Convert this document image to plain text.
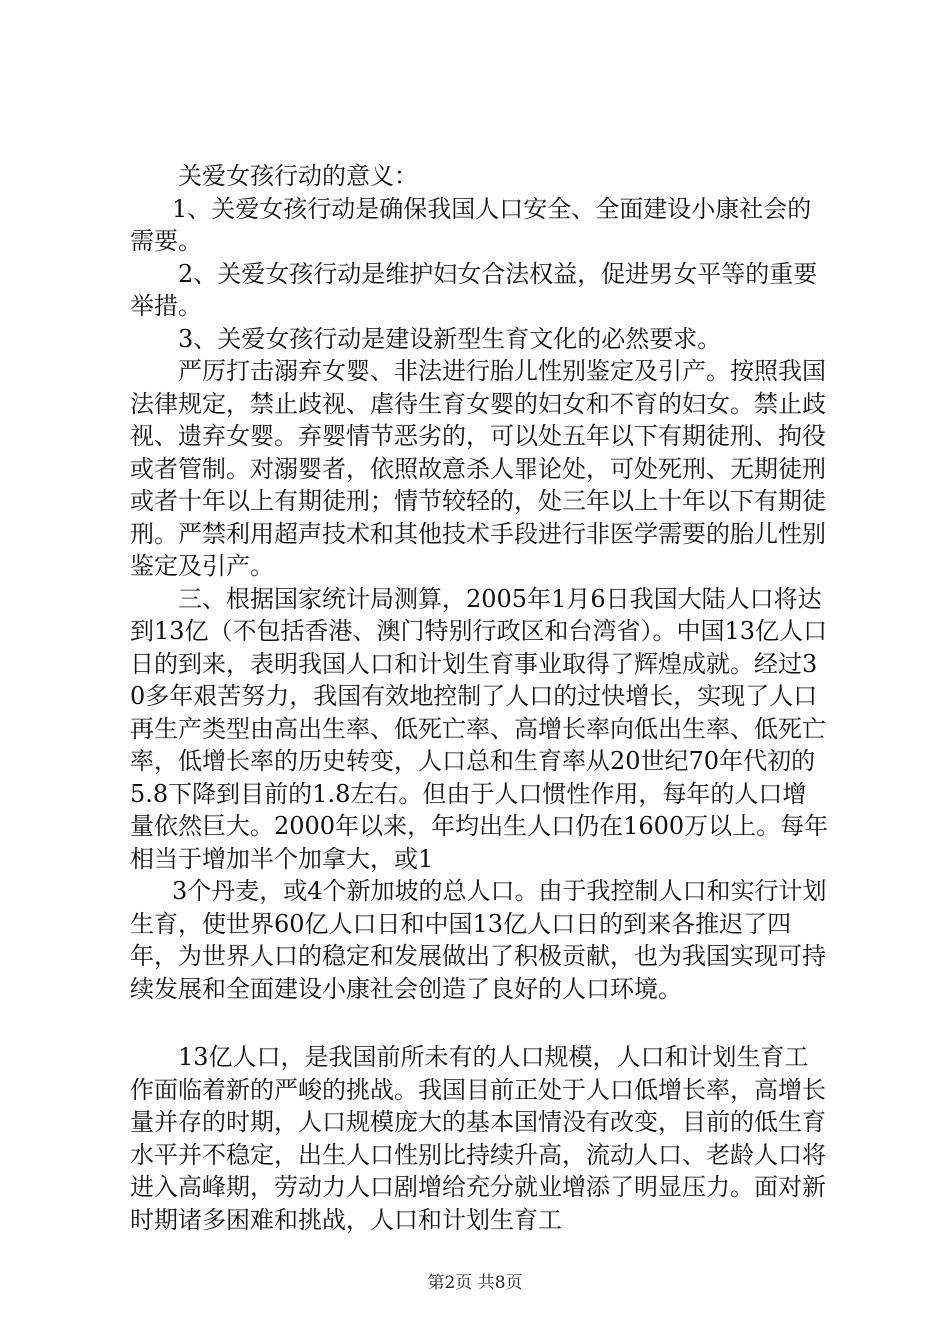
关爱女孩行动的意义：

1、关爱女孩行动是确保我国人口安全、全面建设小康社会的需要。

2、关爱女孩行动是维护妇女合法权益，促进男女平等的重要举措。

3、关爱女孩行动是建设新型生育文化的必然要求。

严厉打击溺弃女婴、非法进行胎儿性别鉴定及引产。按照我国法律规定，禁止歧视、虐待生育女婴的妇女和不育的妇女。禁止歧视、遗弃女婴。弃婴情节恶劣的，可以处五年以下有期徒刑、拘役或者管制。对溺婴者，依照故意杀人罪论处，可处死刑、无期徒刑或者十年以上有期徒刑；情节较轻的，处三年以上十年以下有期徒刑。严禁利用超声技术和其他技术手段进行非医学需要的胎儿性别鉴定及引产。

三、根据国家统计局测算，2005年1月6日我国大陆人口将达到13亿（不包括香港、澳门特别行政区和台湾省）。中国13亿人口日的到来，表明我国人口和计划生育事业取得了辉煌成就。经过30多年艰苦努力，我国有效地控制了人口的过快增长，实现了人口再生产类型由高出生率、低死亡率、高增长率向低出生率、低死亡率，低增长率的历史转变，人口总和生育率从20世纪70年代初的5.8下降到目前的1.8左右。但由于人口惯性作用，每年的人口增量依然巨大。2000年以来，年均出生人口仍在1600万以上。每年相当于增加半个加拿大，或1

3个丹麦，或4个新加坡的总人口。由于我控制人口和实行计划生育，使世界60亿人口日和中国13亿人口日的到来各推迟了四年，为世界人口的稳定和发展做出了积极贡献，也为我国实现可持续发展和全面建设小康社会创造了良好的人口环境。

13亿人口，是我国前所未有的人口规模，人口和计划生育工作面临着新的严峻的挑战。我国目前正处于人口低增长率，高增长量并存的时期，人口规模庞大的基本国情没有改变，目前的低生育水平并不稳定，出生人口性别比持续升高，流动人口、老龄人口将进入高峰期，劳动力人口剧增给充分就业增添了明显压力。面对新时期诸多困难和挑战，人口和计划生育工

第2页 共8页
